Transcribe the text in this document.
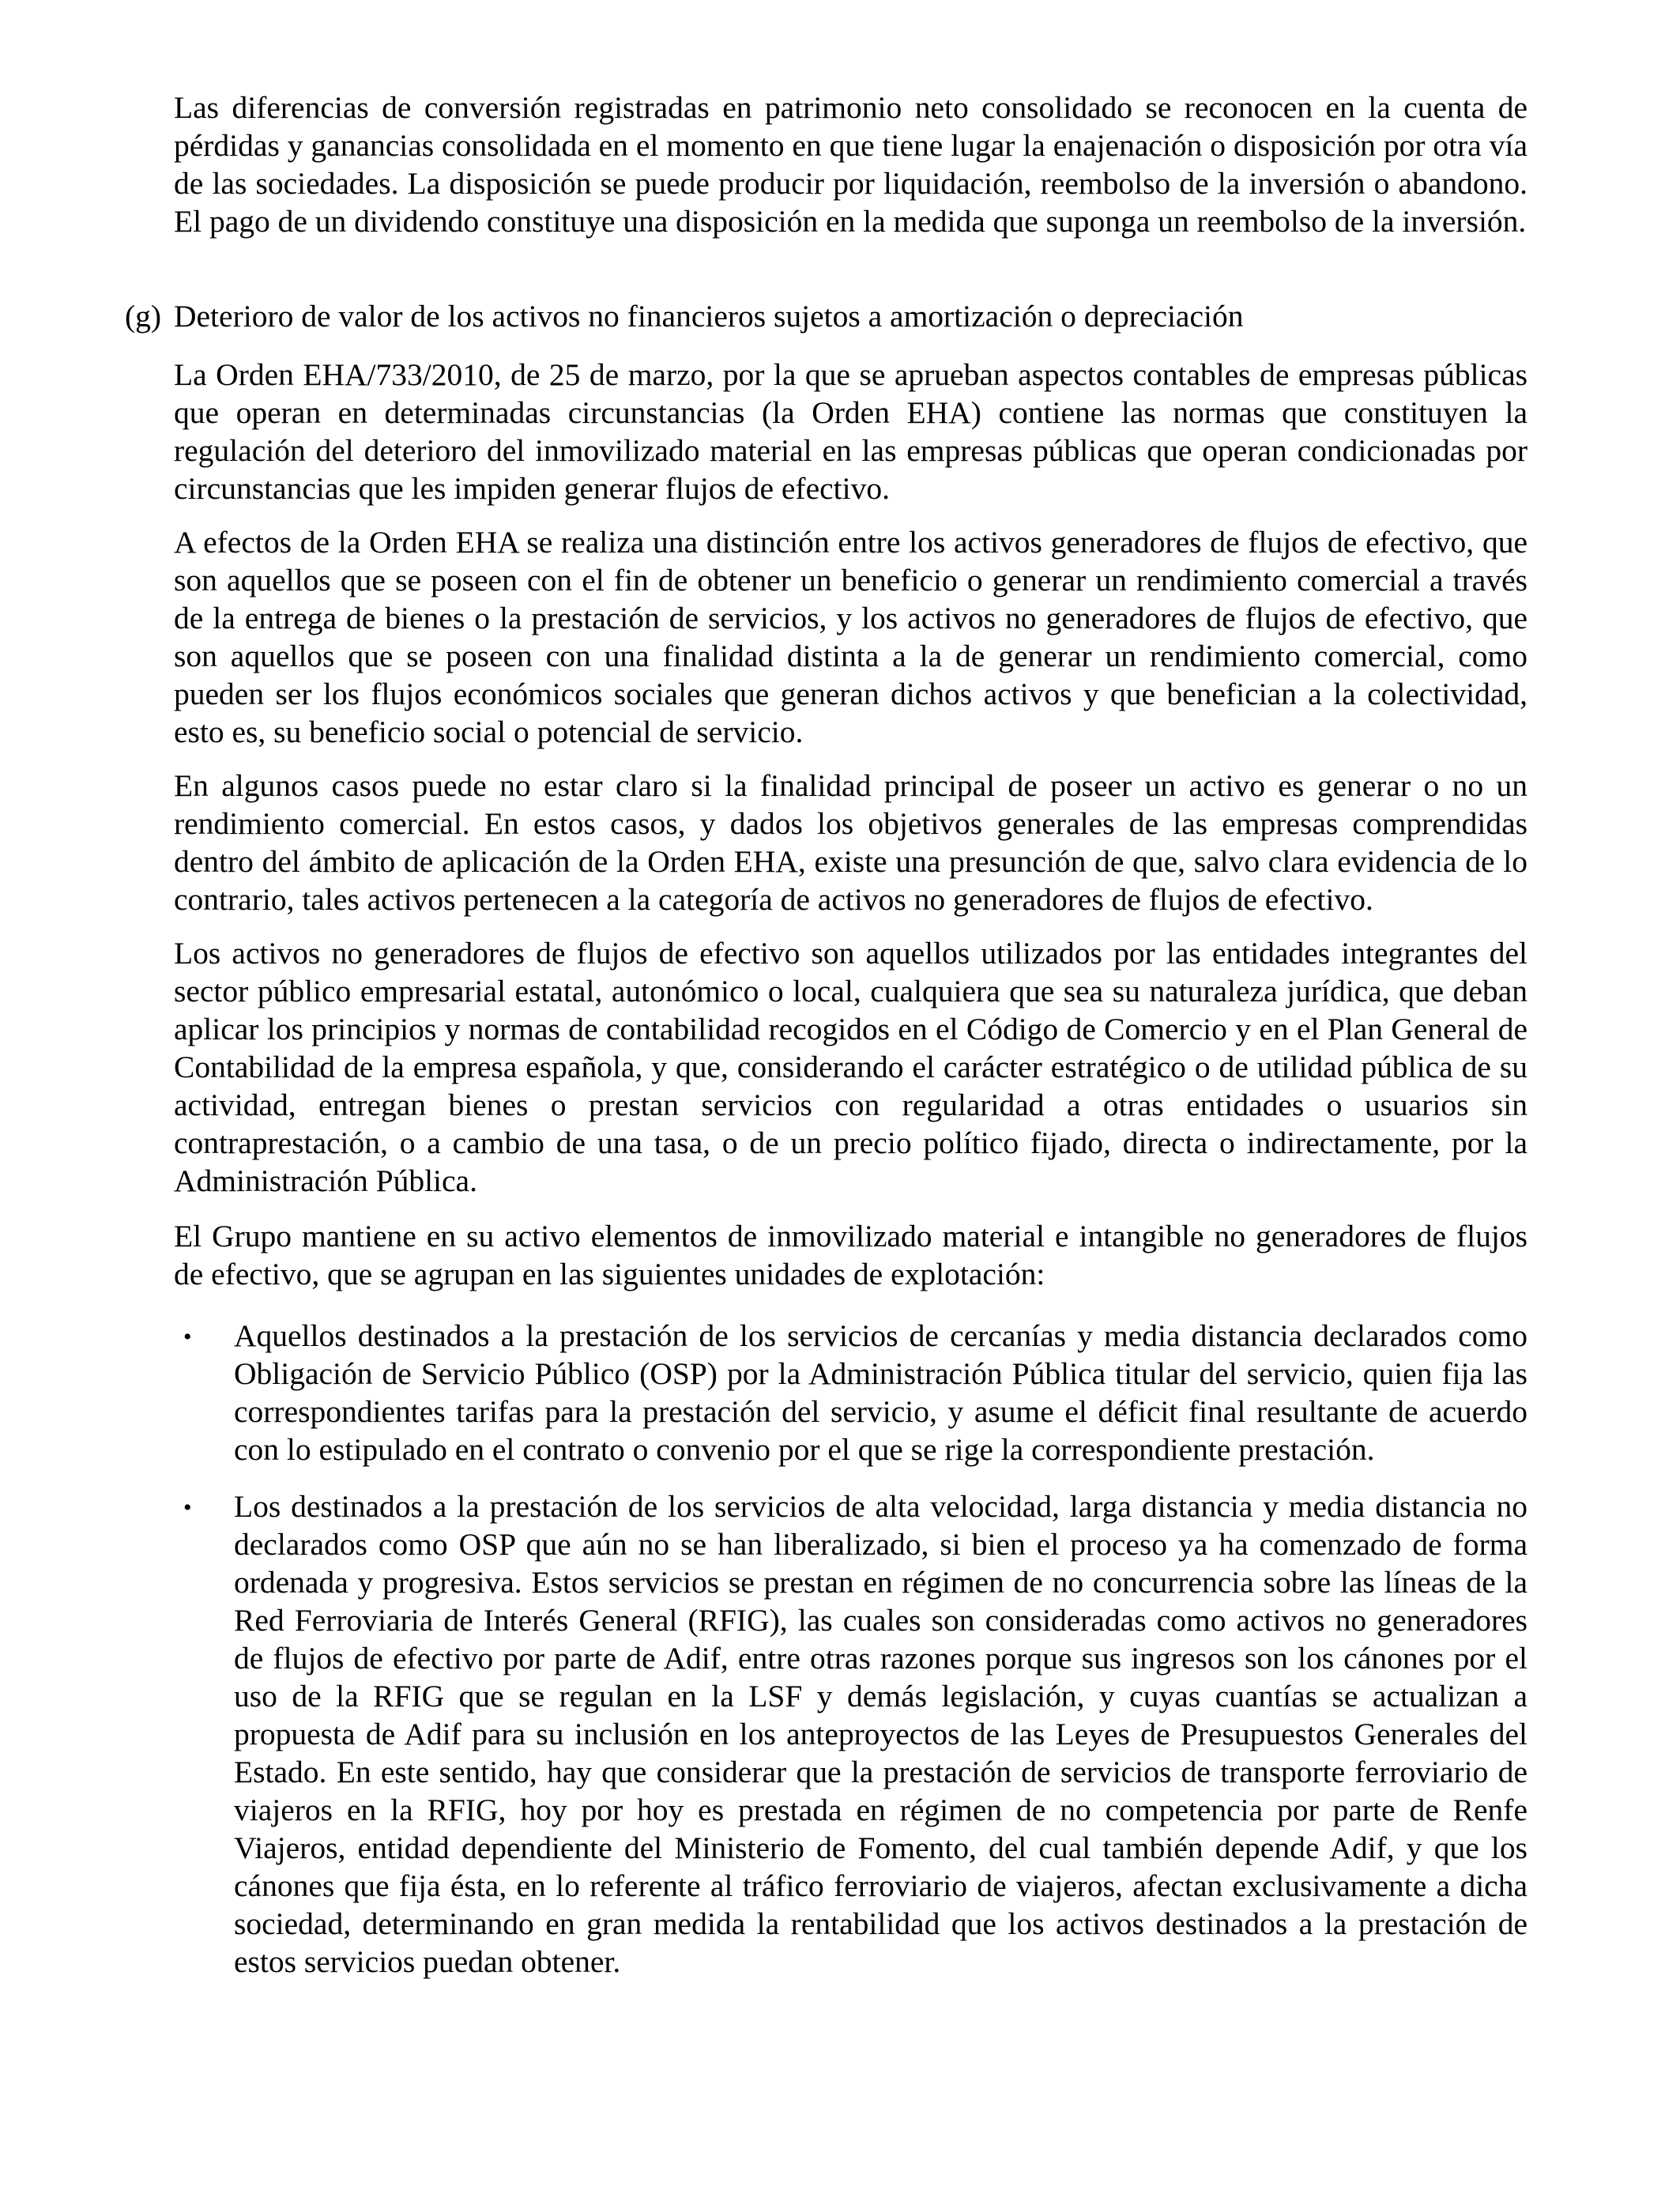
Las diferencias de conversión registradas en patrimonio neto consolidado se reconocen en la cuenta de pérdidas y ganancias consolidada en el momento en que tiene lugar la enajenación o disposición por otra vía de las sociedades. La disposición se puede producir por liquidación, reembolso de la inversión o abandono. El pago de un dividendo constituye una disposición en la medida que suponga un reembolso de la inversión.

(g) Deterioro de valor de los activos no financieros sujetos a amortización o depreciación

La Orden EHA/733/2010, de 25 de marzo, por la que se aprueban aspectos contables de empresas públicas que operan en determinadas circunstancias (la Orden EHA) contiene las normas que constituyen la regulación del deterioro del inmovilizado material en las empresas públicas que operan condicionadas por circunstancias que les impiden generar flujos de efectivo.

A efectos de la Orden EHA se realiza una distinción entre los activos generadores de flujos de efectivo, que son aquellos que se poseen con el fin de obtener un beneficio o generar un rendimiento comercial a través de la entrega de bienes o la prestación de servicios, y los activos no generadores de flujos de efectivo, que son aquellos que se poseen con una finalidad distinta a la de generar un rendimiento comercial, como pueden ser los flujos económicos sociales que generan dichos activos y que benefician a la colectividad, esto es, su beneficio social o potencial de servicio.

En algunos casos puede no estar claro si la finalidad principal de poseer un activo es generar o no un rendimiento comercial. En estos casos, y dados los objetivos generales de las empresas comprendidas dentro del ámbito de aplicación de la Orden EHA, existe una presunción de que, salvo clara evidencia de lo contrario, tales activos pertenecen a la categoría de activos no generadores de flujos de efectivo.

Los activos no generadores de flujos de efectivo son aquellos utilizados por las entidades integrantes del sector público empresarial estatal, autonómico o local, cualquiera que sea su naturaleza jurídica, que deban aplicar los principios y normas de contabilidad recogidos en el Código de Comercio y en el Plan General de Contabilidad de la empresa española, y que, considerando el carácter estratégico o de utilidad pública de su actividad, entregan bienes o prestan servicios con regularidad a otras entidades o usuarios sin contraprestación, o a cambio de una tasa, o de un precio político fijado, directa o indirectamente, por la Administración Pública.

El Grupo mantiene en su activo elementos de inmovilizado material e intangible no generadores de flujos de efectivo, que se agrupan en las siguientes unidades de explotación:

• Aquellos destinados a la prestación de los servicios de cercanías y media distancia declarados como Obligación de Servicio Público (OSP) por la Administración Pública titular del servicio, quien fija las correspondientes tarifas para la prestación del servicio, y asume el déficit final resultante de acuerdo con lo estipulado en el contrato o convenio por el que se rige la correspondiente prestación.

• Los destinados a la prestación de los servicios de alta velocidad, larga distancia y media distancia no declarados como OSP que aún no se han liberalizado, si bien el proceso ya ha comenzado de forma ordenada y progresiva. Estos servicios se prestan en régimen de no concurrencia sobre las líneas de la Red Ferroviaria de Interés General (RFIG), las cuales son consideradas como activos no generadores de flujos de efectivo por parte de Adif, entre otras razones porque sus ingresos son los cánones por el uso de la RFIG que se regulan en la LSF y demás legislación, y cuyas cuantías se actualizan a propuesta de Adif para su inclusión en los anteproyectos de las Leyes de Presupuestos Generales del Estado. En este sentido, hay que considerar que la prestación de servicios de transporte ferroviario de viajeros en la RFIG, hoy por hoy es prestada en régimen de no competencia por parte de Renfe Viajeros, entidad dependiente del Ministerio de Fomento, del cual también depende Adif, y que los cánones que fija ésta, en lo referente al tráfico ferroviario de viajeros, afectan exclusivamente a dicha sociedad, determinando en gran medida la rentabilidad que los activos destinados a la prestación de estos servicios puedan obtener.
